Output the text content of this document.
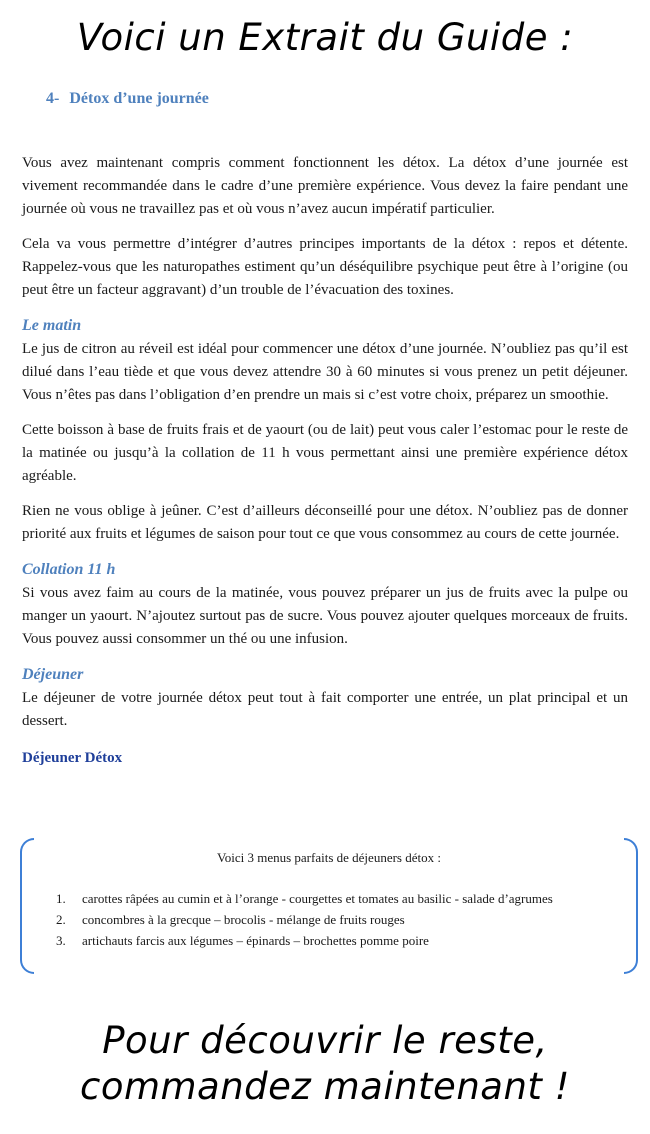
Voici un Extrait du Guide :
4- Détox d’une journée

Vous avez maintenant compris comment fonctionnent les détox. La détox d’une journée est vivement recommandée dans le cadre d’une première expérience. Vous devez la faire pendant une journée où vous ne travaillez pas et où vous n’avez aucun impératif particulier.

Cela va vous permettre d’intégrer d’autres principes importants de la détox : repos et détente. Rappelez-vous que les naturopathes estiment qu’un déséquilibre psychique peut être à l’origine (ou peut être un facteur aggravant) d’un trouble de l’évacuation des toxines.

Le matin

Le jus de citron au réveil est idéal pour commencer une détox d’une journée. N’oubliez pas qu’il est dilué dans l’eau tiède et que vous devez attendre 30 à 60 minutes si vous prenez un petit déjeuner. Vous n’êtes pas dans l’obligation d’en prendre un mais si c’est votre choix, préparez un smoothie.

Cette boisson à base de fruits frais et de yaourt (ou de lait) peut vous caler l’estomac pour le reste de la matinée ou jusqu’à la collation de 11 h vous permettant ainsi une première expérience détox agréable.

Rien ne vous oblige à jeûner. C’est d’ailleurs déconseillé pour une détox. N’oubliez pas de donner priorité aux fruits et légumes de saison pour tout ce que vous consommez au cours de cette journée.

Collation 11 h

Si vous avez faim au cours de la matinée, vous pouvez préparer un jus de fruits avec la pulpe ou manger un yaourt. N’ajoutez surtout pas de sucre. Vous pouvez ajouter quelques morceaux de fruits. Vous pouvez aussi consommer un thé ou une infusion.

Déjeuner

Le déjeuner de votre journée détox peut tout à fait comporter une entrée, un plat principal et un dessert.

Déjeuner Détox
Voici 3 menus parfaits de déjeuners détox :
1. carottes râpées au cumin et à l’orange - courgettes et tomates au basilic - salade d’agrumes
2. concombres à la grecque – brocolis - mélange de fruits rouges
3. artichauts farcis aux légumes – épinards – brochettes pomme poire
Pour découvrir le reste,
commandez maintenant !
